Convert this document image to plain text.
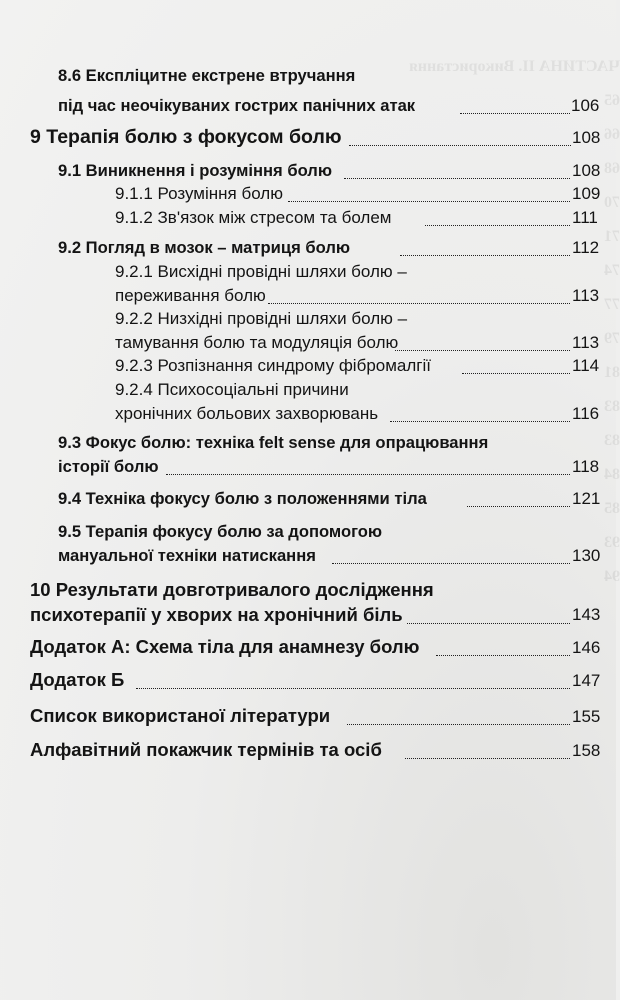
ЧАСТИНА II. Використання
65
66
68
70
71
74
77
79
81
83
83
84
85
93
94
8.6 Експліцитне екстрене втручання
під час неочікуваних гострих панічних атак	106
9 Терапія болю з фокусом болю	108
9.1 Виникнення і розуміння болю	108
9.1.1 Розуміння болю	109
9.1.2 Зв'язок між стресом та болем	111
9.2 Погляд в мозок – матриця болю	112
9.2.1 Висхідні провідні шляхи болю –
переживання болю	113
9.2.2 Низхідні провідні шляхи болю –
тамування болю та модуляція болю	113
9.2.3 Розпізнання синдрому фібромалгії	114
9.2.4 Психосоціальні причини
хронічних больових захворювань	116
9.3 Фокус болю: техніка felt sense для опрацювання
історії болю	118
9.4 Техніка фокусу болю з положеннями тіла	121
9.5 Терапія фокусу болю за допомогою
мануальної техніки натискання	130
10 Результати довготривалого дослідження
психотерапії у хворих на хронічний біль	143
Додаток А: Схема тіла для анамнезу болю	146
Додаток Б	147
Список використаної літератури	155
Алфавітний покажчик термінів та осіб	158
